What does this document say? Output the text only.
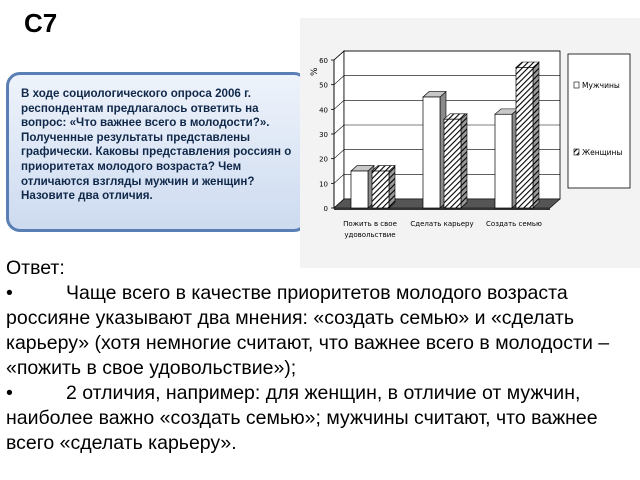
С7
В ходе социологического опроса 2006 г. респондентам предлагалось ответить на вопрос: «Что важнее всего в молодости?». Полученные результаты представлены графически. Каковы представления россиян о приоритетах молодого возраста? Чем отличаются взгляды мужчин и женщин? Назовите два отличия.
0
10
20
30
40
50
60
%
Пожить в свое
удовольствие
Сделать карьеру Создать семью
Мужчины
Женщины

Ответ:

•	Чаще всего в качестве приоритетов молодого возраста россияне указывают два мнения: «создать семью» и «сделать карьеру» (хотя немногие считают, что важнее всего в молодости – «пожить в свое удовольствие»);

•	2 отличия, например: для женщин, в отличие от мужчин, наиболее важно «создать семью»; мужчины считают, что важнее всего «сделать карьеру».
